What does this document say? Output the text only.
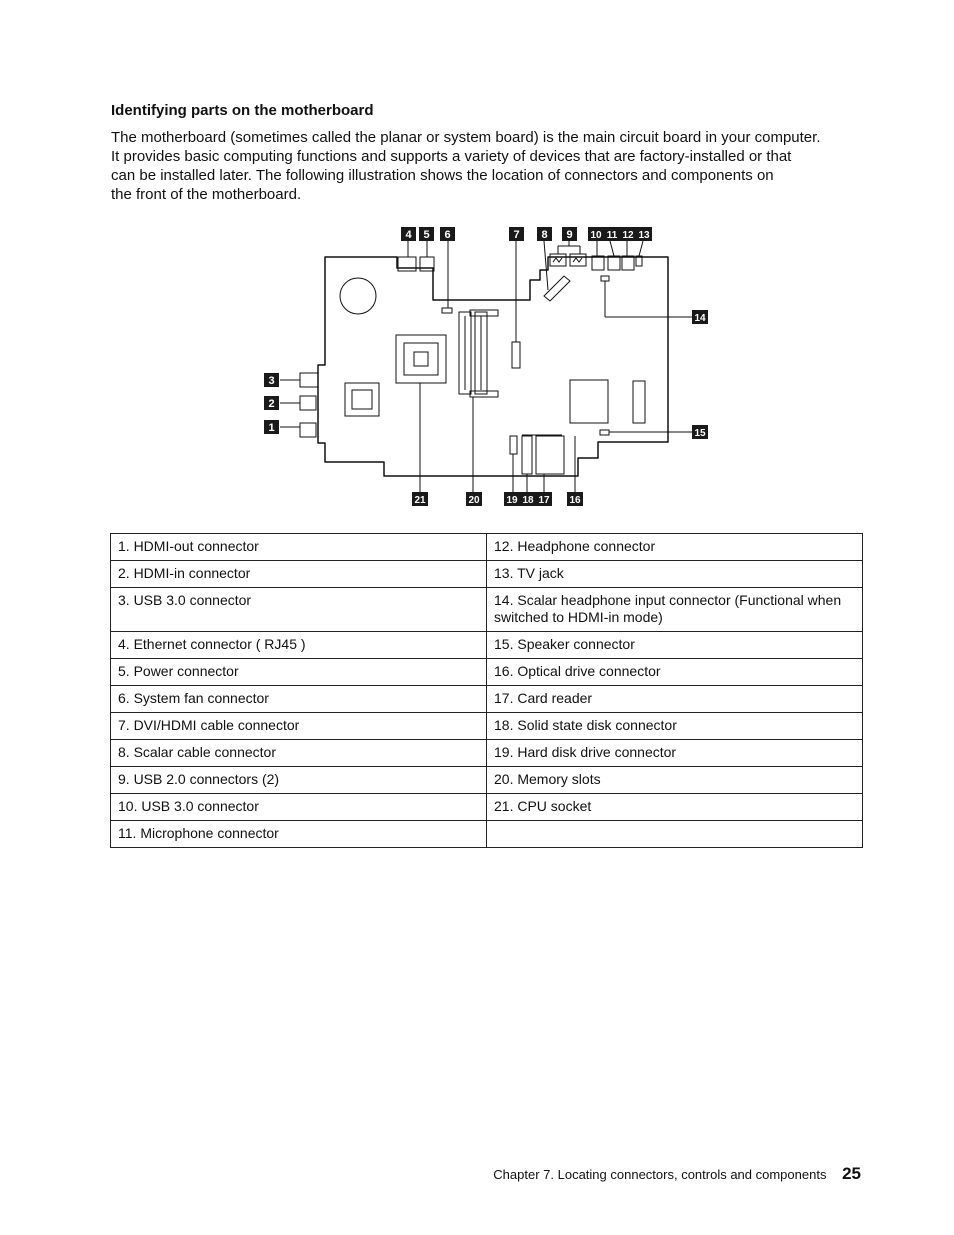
Identifying parts on the motherboard

The motherboard (sometimes called the planar or system board) is the main circuit board in your computer.
It provides basic computing functions and supports a variety of devices that are factory-installed or that
can be installed later. The following illustration shows the location of connectors and components on
the front of the motherboard.

1
2
3
4 5 6	7 8 9 10 11 12 13
14
15
16
17
18
19
20
21
1. HDMI-out connector	12. Headphone connector
2. HDMI-in connector	13. TV jack
3. USB 3.0 connector	14. Scalar headphone input connector (Functional when switched to HDMI-in mode)
4. Ethernet connector ( RJ45 )	15. Speaker connector
5. Power connector	16. Optical drive connector
6. System fan connector	17. Card reader
7. DVI/HDMI cable connector	18. Solid state disk connector
8. Scalar cable connector	19. Hard disk drive connector
9. USB 2.0 connectors (2)	20. Memory slots
10. USB 3.0 connector	21. CPU socket
11. Microphone connector	
Chapter 7. Locating connectors, controls and components 25
